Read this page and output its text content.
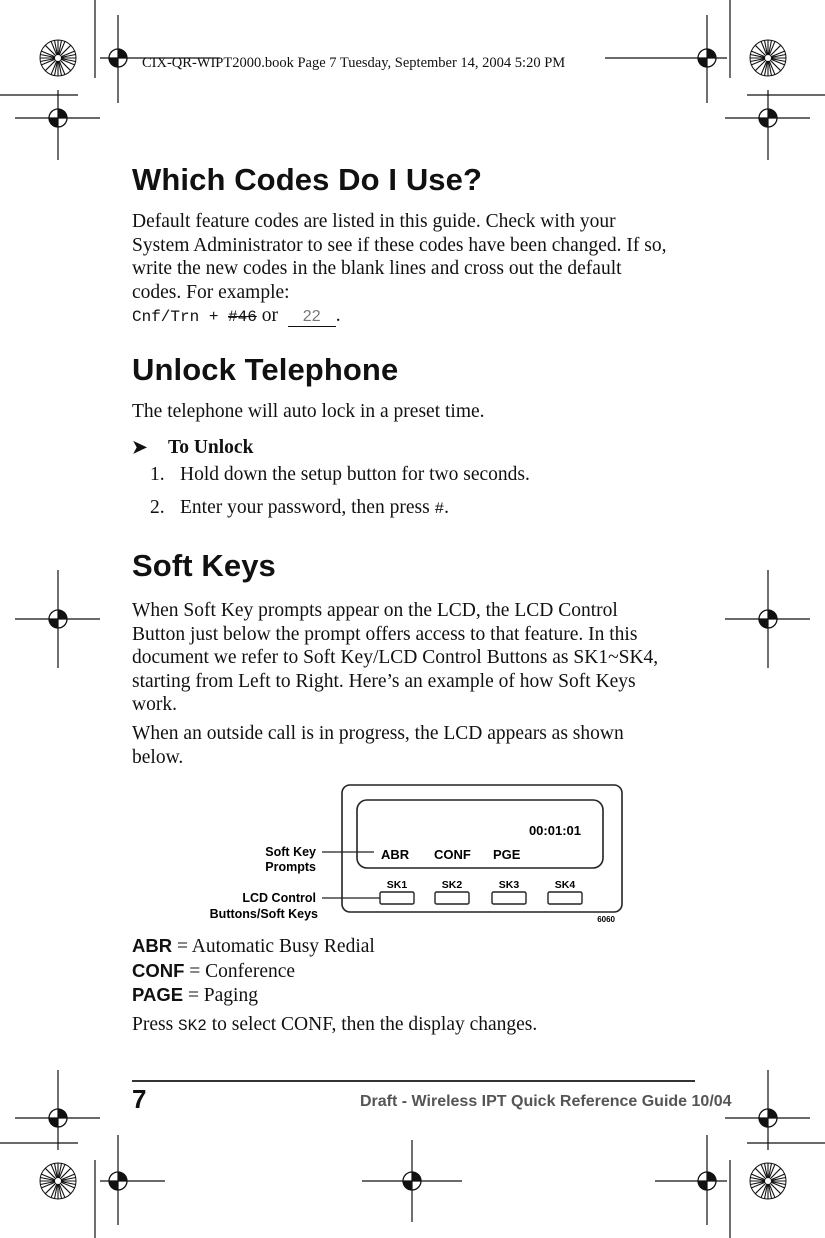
CIX-QR-WIPT2000.book Page 7 Tuesday, September 14, 2004 5:20 PM
Which Codes Do I Use?
Default feature codes are listed in this guide. Check with your System Administrator to see if these codes have been changed. If so, write the new codes in the blank lines and cross out the default codes. For example:
Cnf/Trn + #46 or 22 .
Unlock Telephone
The telephone will auto lock in a preset time.
➤ To Unlock
1. Hold down the setup button for two seconds.
2. Enter your password, then press #.
Soft Keys
When Soft Key prompts appear on the LCD, the LCD Control Button just below the prompt offers access to that feature. In this document we refer to Soft Key/LCD Control Buttons as SK1~SK4, starting from Left to Right. Here’s an example of how Soft Keys work.
When an outside call is in progress, the LCD appears as shown below.
00:01:01
ABR CONF PGE
SK1	SK2	SK3	SK4
Soft Key
Prompts
LCD Control
Buttons/Soft Keys	6060
ABR = Automatic Busy Redial
CONF = Conference
PAGE = Paging
Press SK2 to select CONF, then the display changes.
7	Draft - Wireless IPT Quick Reference Guide 10/04
